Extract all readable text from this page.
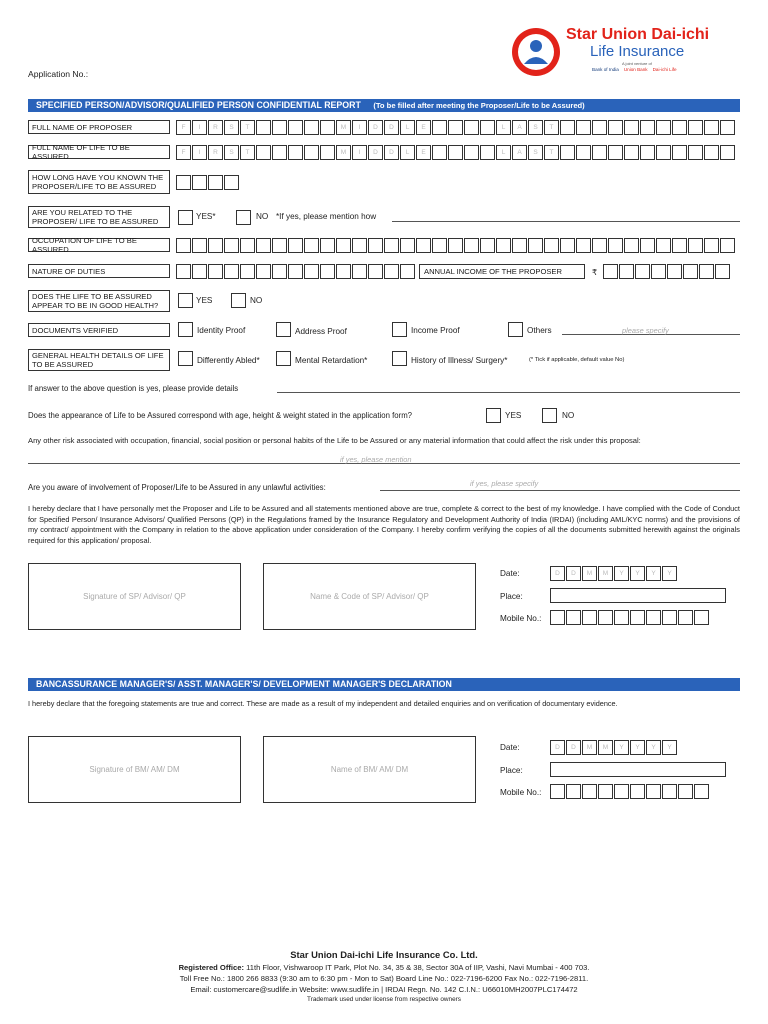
Star Union Dai-ichi
Life Insurance
A joint venture of
Bank of India Union Bank Dai-ichi Life
Application No.:
SPECIFIED PERSON/ADVISOR/QUALIFIED PERSON CONFIDENTIAL REPORT (To be filled after meeting the Proposer/Life to be Assured)
FULL NAME OF PROPOSER	F	I	R	S	T	M	I	D	D	L	E	L	A	S	T
FULL NAME OF LIFE TO BE ASSURED	F	I	R	S	T	M	I	D	D	L	E	L	A	S	T
HOW LONG HAVE YOU KNOWN THE PROPOSER/LIFE TO BE ASSURED
ARE YOU RELATED TO THE PROPOSER/ LIFE TO BE ASSURED
YES*	NO *If yes, please mention how
OCCUPATION OF LIFE TO BE ASSURED
NATURE OF DUTIES	ANNUAL INCOME OF THE PROPOSER	₹
DOES THE LIFE TO BE ASSURED APPEAR TO BE IN GOOD HEALTH?
YES	NO
DOCUMENTS VERIFIED	Identity Proof	Address Proof	Income Proof	Others	please specify
GENERAL HEALTH DETAILS OF LIFE TO BE ASSURED	Differently Abled*	Mental Retardation*	History of Illness/ Surgery*	(* Tick if applicable, default value No)
If answer to the above question is yes, please provide details
Does the appearance of Life to be Assured correspond with age, height & weight stated in the application form?	YES	NO
Any other risk associated with occupation, financial, social position or personal habits of the Life to be Assured or any material information that could affect the risk under this proposal:
if yes, please mention
Are you aware of involvement of Proposer/Life to be Assured in any unlawful activities:	if yes, please specify
I hereby declare that I have personally met the Proposer and Life to be Assured and all statements mentioned above are true, complete & correct to the best of my knowledge. I have complied with the Code of Conduct for Specified Person/ Insurance Advisors/ Qualified Persons (QP) in the Regulations framed by the Insurance Regulatory and Development Authority of India (IRDAI) (including AML/KYC norms) and the provisions of my contract/ appointment with the Company in relation to the above application under consideration of the Company. I hereby confirm verifying the copies of all the documents submitted herewith against the originals required for this application/ proposal.
Signature of SP/ Advisor/ QP	Name & Code of SP/ Advisor/ QP
Date:	D	D	M	M	Y	Y	Y	Y
Place:
Mobile No.:
BANCASSURANCE MANAGER'S/ ASST. MANAGER'S/ DEVELOPMENT MANAGER'S DECLARATION
I hereby declare that the foregoing statements are true and correct. These are made as a result of my independent and detailed enquiries and on verification of documentary evidence.
Signature of BM/ AM/ DM	Name of BM/ AM/ DM
Date:	D	D	M	M	Y	Y	Y	Y
Place:
Mobile No.:
Star Union Dai-ichi Life Insurance Co. Ltd.
Registered Office: 11th Floor, Vishwaroop IT Park, Plot No. 34, 35 & 38, Sector 30A of IIP, Vashi, Navi Mumbai - 400 703.
Toll Free No.: 1800 266 8833 (9:30 am to 6:30 pm - Mon to Sat) Board Line No.: 022-7196-6200 Fax No.: 022-7196-2811.
Email: customercare@sudlife.in Website: www.sudlife.in | IRDAI Regn. No. 142 C.I.N.: U66010MH2007PLC174472
Trademark used under license from respective owners
